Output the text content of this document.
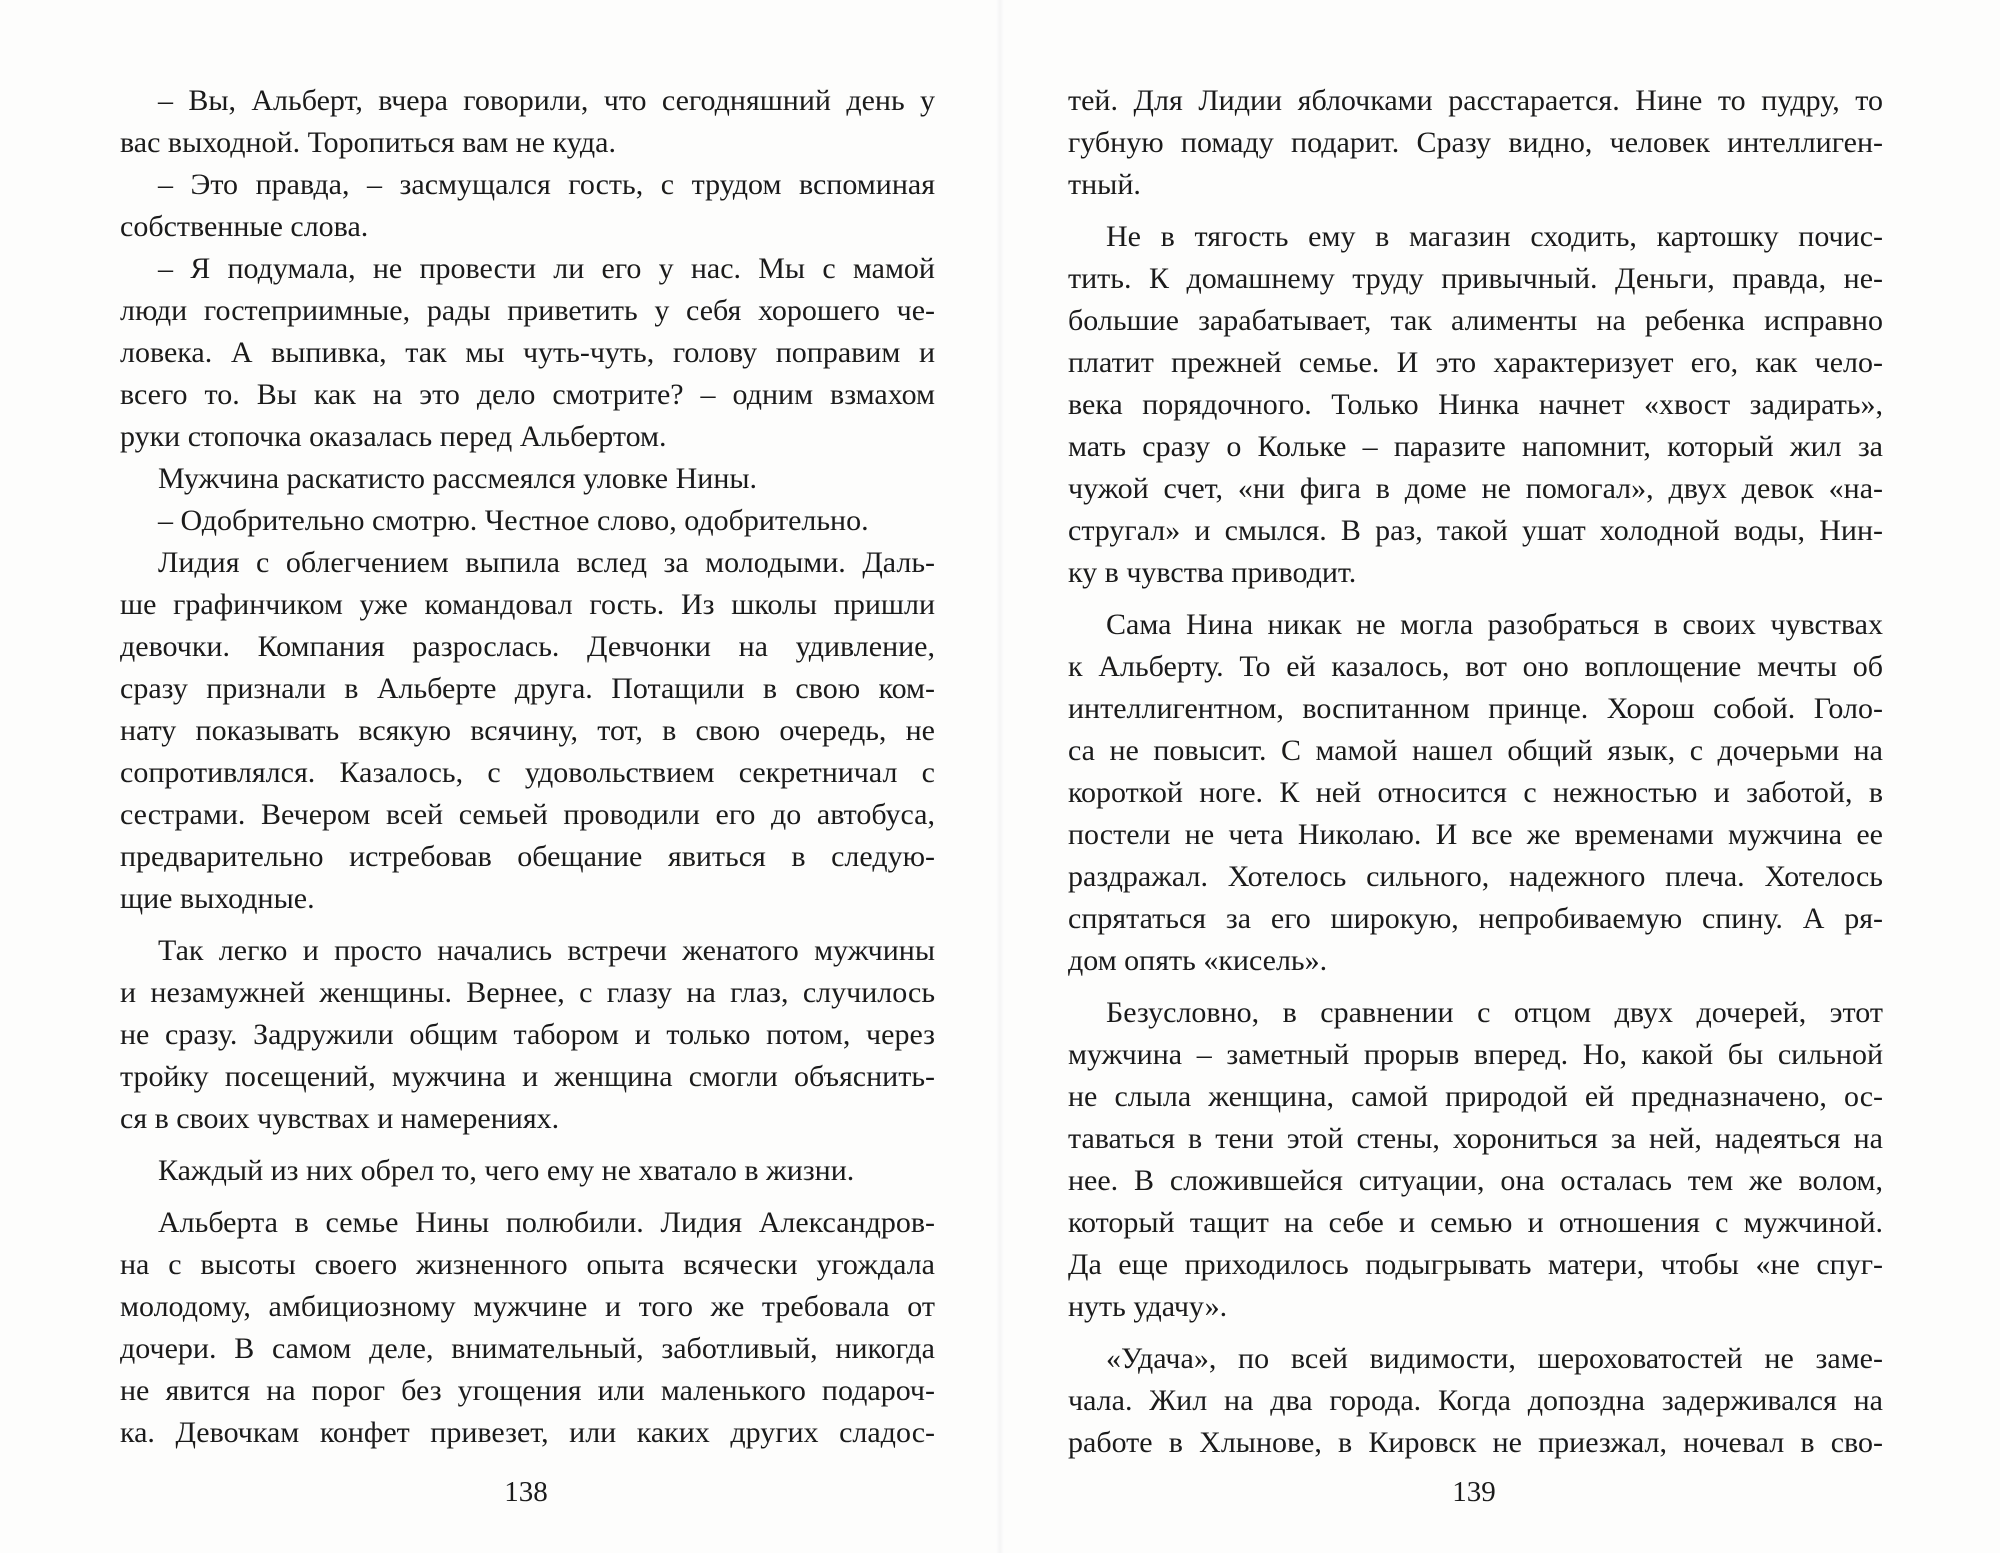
– Вы, Альберт, вчера говорили, что сегодняшний день у
вас выходной. Торопиться вам не куда.
– Это правда, – засмущался гость, с трудом вспоминая
собственные слова.
– Я подумала, не провести ли его у нас. Мы с мамой
люди гостеприимные, рады приветить у себя хорошего че-
ловека. А выпивка, так мы чуть-чуть, голову поправим и
всего то. Вы как на это дело смотрите? – одним взмахом
руки стопочка оказалась перед Альбертом.
Мужчина раскатисто рассмеялся уловке Нины.
– Одобрительно смотрю. Честное слово, одобрительно.
Лидия с облегчением выпила вслед за молодыми. Даль-
ше графинчиком уже командовал гость. Из школы пришли
девочки. Компания разрослась. Девчонки на удивление,
сразу признали в Альберте друга. Потащили в свою ком-
нату показывать всякую всячину, тот, в свою очередь, не
сопротивлялся. Казалось, с удовольствием секретничал с
сестрами. Вечером всей семьей проводили его до автобуса,
предварительно истребовав обещание явиться в следую-
щие выходные.
Так легко и просто начались встречи женатого мужчины
и незамужней женщины. Вернее, с глазу на глаз, случилось
не сразу. Задружили общим табором и только потом, через
тройку посещений, мужчина и женщина смогли объяснить-
ся в своих чувствах и намерениях.
Каждый из них обрел то, чего ему не хватало в жизни.
Альберта в семье Нины полюбили. Лидия Александров-
на с высоты своего жизненного опыта всячески угождала
молодому, амбициозному мужчине и того же требовала от
дочери. В самом деле, внимательный, заботливый, никогда
не явится на порог без угощения или маленького подароч-
ка. Девочкам конфет привезет, или каких других сладос-
тей. Для Лидии яблочками расстарается. Нине то пудру, то
губную помаду подарит. Сразу видно, человек интеллиген-
тный.
Не в тягость ему в магазин сходить, картошку почис-
тить. К домашнему труду привычный. Деньги, правда, не-
большие зарабатывает, так алименты на ребенка исправно
платит прежней семье. И это характеризует его, как чело-
века порядочного. Только Нинка начнет «хвост задирать»,
мать сразу о Кольке – паразите напомнит, который жил за
чужой счет, «ни фига в доме не помогал», двух девок «на-
стругал» и смылся. В раз, такой ушат холодной воды, Нин-
ку в чувства приводит.
Сама Нина никак не могла разобраться в своих чувствах
к Альберту. То ей казалось, вот оно воплощение мечты об
интеллигентном, воспитанном принце. Хорош собой. Голо-
са не повысит. С мамой нашел общий язык, с дочерьми на
короткой ноге. К ней относится с нежностью и заботой, в
постели не чета Николаю. И все же временами мужчина ее
раздражал. Хотелось сильного, надежного плеча. Хотелось
спрятаться за его широкую, непробиваемую спину. А ря-
дом опять «кисель».
Безусловно, в сравнении с отцом двух дочерей, этот
мужчина – заметный прорыв вперед. Но, какой бы сильной
не слыла женщина, самой природой ей предназначено, ос-
таваться в тени этой стены, хорониться за ней, надеяться на
нее. В сложившейся ситуации, она осталась тем же волом,
который тащит на себе и семью и отношения с мужчиной.
Да еще приходилось подыгрывать матери, чтобы «не спуг-
нуть удачу».
«Удача», по всей видимости, шероховатостей не заме-
чала. Жил на два города. Когда допоздна задерживался на
работе в Хлынове, в Кировск не приезжал, ночевал в сво-
138	139
